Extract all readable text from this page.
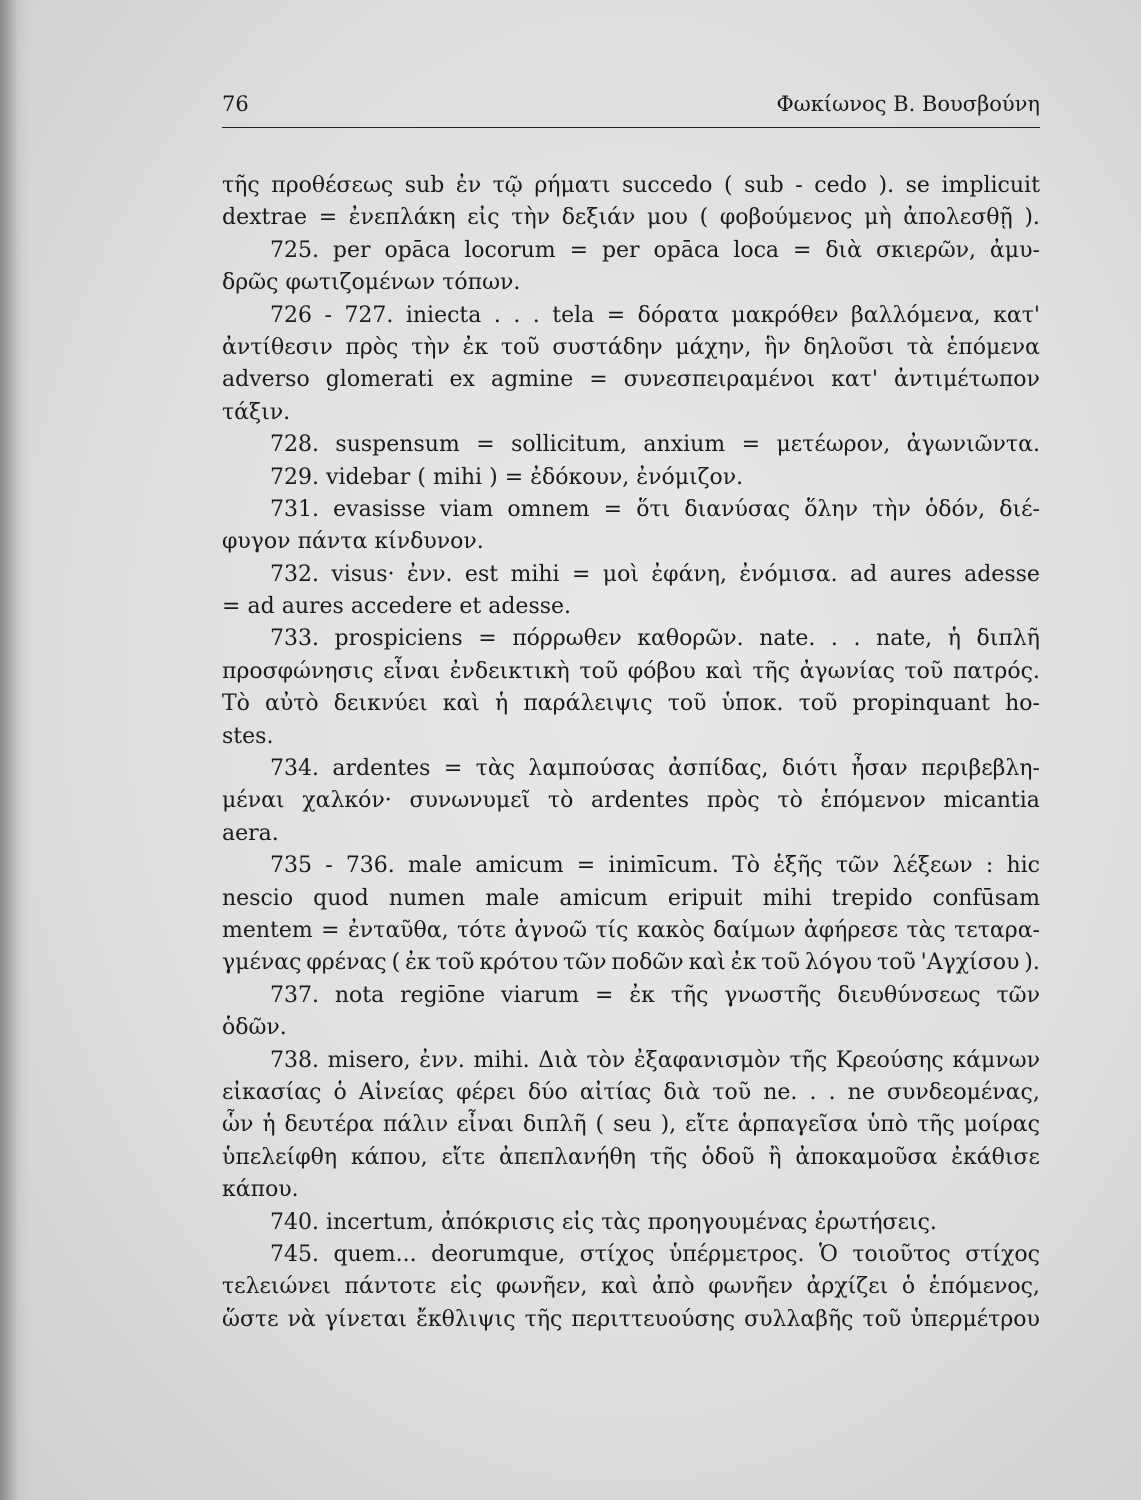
76	Φωκίωνος Β. Βουσβούνη
τῆς προθέσεως sub ἐν τῷ ρήματι succedo ( sub - cedo ). se implicuit
dextrae = ἐνεπλάκη εἰς τὴν δεξιάν μου ( φοβούμενος μὴ ἀπολεσθῇ ).
725. per opāca locorum = per opāca loca = διὰ σκιερῶν, ἀμυ-
δρῶς φωτιζομένων τόπων.
726 - 727. iniecta . . . tela = δόρατα μακρόθεν βαλλόμενα, κατ'
ἀντίθεσιν πρὸς τὴν ἐκ τοῦ συστάδην μάχην, ἣν δηλοῦσι τὰ ἑπόμενα
adverso glomerati ex agmine = συνεσπειραμένοι κατ' ἀντιμέτωπον
τάξιν.
728. suspensum = sollicitum, anxium = μετέωρον, ἀγωνιῶντα.
729. videbar ( mihi ) = ἐδόκουν, ἐνόμιζον.
731. evasisse viam omnem = ὅτι διανύσας ὅλην τὴν ὁδόν, διέ-
φυγον πάντα κίνδυνον.
732. visus· ἐνν. est mihi = μοὶ ἐφάνη, ἐνόμισα. ad aures adesse
= ad aures accedere et adesse.
733. prospiciens = πόρρωθεν καθορῶν. nate. . . nate, ἡ διπλῆ
προσφώνησις εἶναι ἐνδεικτικὴ τοῦ φόβου καὶ τῆς ἀγωνίας τοῦ πατρός.
Τὸ αὐτὸ δεικνύει καὶ ἡ παράλειψις τοῦ ὑποκ. τοῦ propinquant ho-
stes.
734. ardentes = τὰς λαμπούσας ἀσπίδας, διότι ἦσαν περιβεβλη-
μέναι χαλκόν· συνωνυμεῖ τὸ ardentes πρὸς τὸ ἑπόμενον micantia
aera.
735 - 736. male amicum = inimīcum. Τὸ ἑξῆς τῶν λέξεων : hic
nescio quod numen male amicum eripuit mihi trepido confūsam
mentem = ἐνταῦθα, τότε ἀγνοῶ τίς κακὸς δαίμων ἀφήρεσε τὰς τεταρα-
γμένας φρένας ( ἐκ τοῦ κρότου τῶν ποδῶν καὶ ἐκ τοῦ λόγου τοῦ 'Αγχίσου ).
737. nota regiōne viarum = ἐκ τῆς γνωστῆς διευθύνσεως τῶν
ὁδῶν.
738. misero, ἐνν. mihi. Διὰ τὸν ἐξαφανισμὸν τῆς Κρεούσης κάμνων
εἰκασίας ὁ Αἰνείας φέρει δύο αἰτίας διὰ τοῦ ne. . . ne συνδεομένας,
ὧν ἡ δευτέρα πάλιν εἶναι διπλῆ ( seu ), εἴτε ἁρπαγεῖσα ὑπὸ τῆς μοίρας
ὑπελείφθη κάπου, εἴτε ἀπεπλανήθη τῆς ὁδοῦ ἢ ἀποκαμοῦσα ἐκάθισε
κάπου.
740. incertum, ἀπόκρισις εἰς τὰς προηγουμένας ἐρωτήσεις.
745. quem... deorumque, στίχος ὑπέρμετρος. Ὁ τοιοῦτος στίχος
τελειώνει πάντοτε εἰς φωνῆεν, καὶ ἀπὸ φωνῆεν ἀρχίζει ὁ ἑπόμενος,
ὥστε νὰ γίνεται ἔκθλιψις τῆς περιττευούσης συλλαβῆς τοῦ ὑπερμέτρου
